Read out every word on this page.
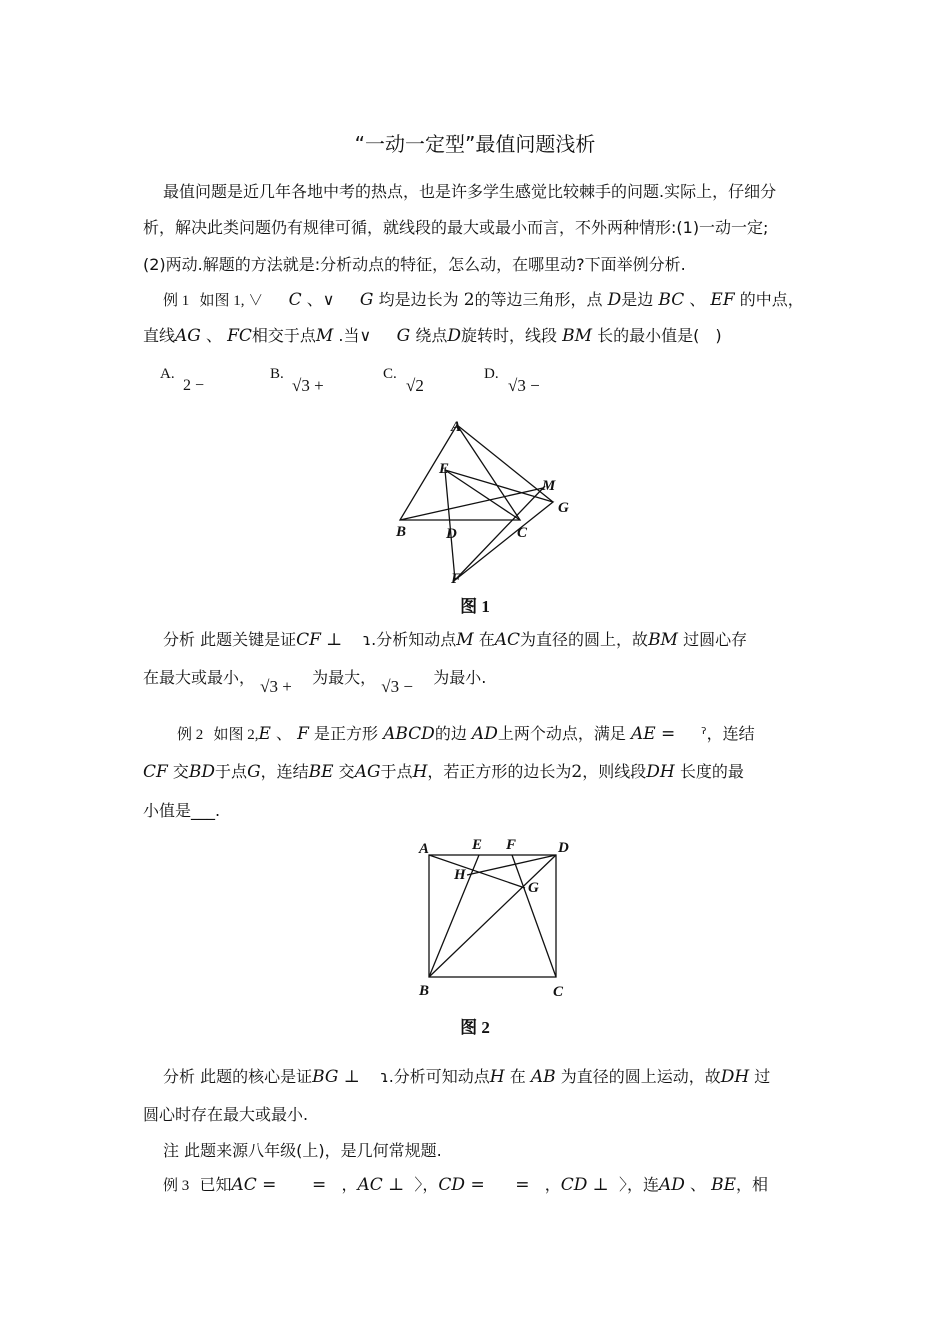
“一动一定型”最值问题浅析
最值问题是近几年各地中考的热点，也是许多学生感觉比较棘手的问题.实际上，仔细分
析，解决此类问题仍有规律可循，就线段的最大或最小而言，不外两种情形:(1)一动一定;
(2)两动.解题的方法就是:分析动点的特征，怎么动，在哪里动?下面举例分析.
例 1 如图 1, ∨ C 、∨ G 均是边长为 2的等边三角形，点 D是边 BC 、 EF 的中点，
直线AG 、 FC相交于点M .当∨ G 绕点D旋转时，线段 BM 长的最小值是(　)
A.
2 −
B.
√3 +
C.
√2
D.
√3 −
A
E
M
G
B	D	C
F
图 1
分析 此题关键是证CF ⊥ ɿ.分析知动点M 在AC为直径的圆上，故BM 过圆心存
在最大或最小， √3 + 为最大， √3 − 为最小.
例 2 如图 2,E 、 F 是正方形 ABCD的边 AD上两个动点，满足 AE = ˀ，连结
CF 交BD于点G，连结BE 交AG于点H，若正方形的边长为2，则线段DH 长度的最
小值是___.
A	E F	D
H
G
B	C
图 2
分析 此题的核心是证BG ⊥ ɿ.分析可知动点H 在 AB 为直径的圆上运动，故DH 过
圆心时存在最大或最小.
注 此题来源八年级(上)，是几何常规题.
例 3 已知AC = = ，AC ⊥ 〉，CD = = ，CD ⊥ 〉，连AD 、 BE，相
